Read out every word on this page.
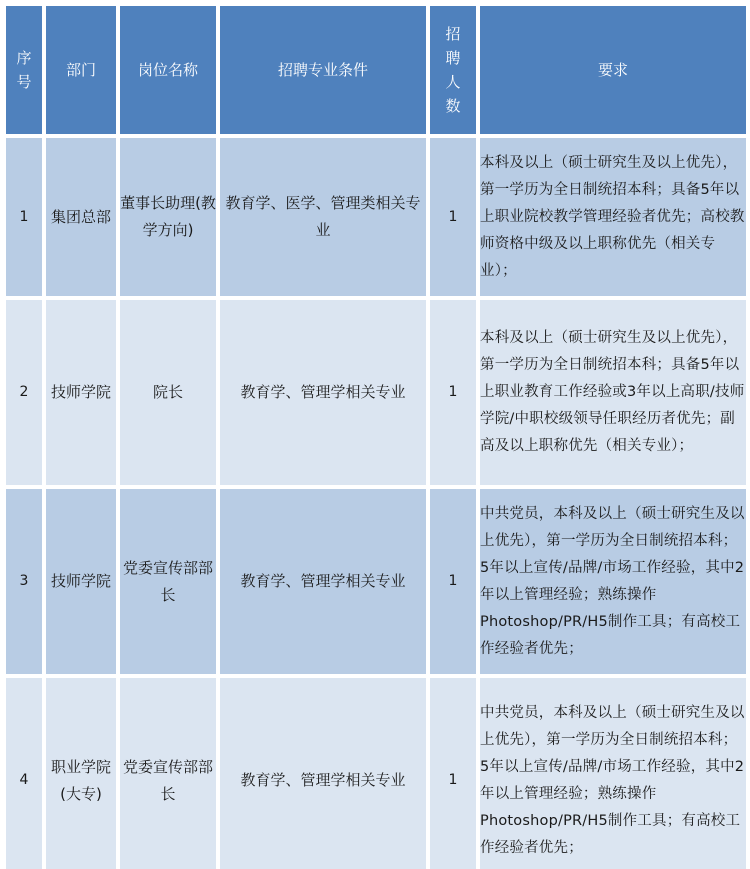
序号	部门	岗位名称	招聘专业条件	招聘人数	要求
1	集团总部	董事长助理(教学方向)	教育学、医学、管理类相关专业	1	本科及以上（硕士研究生及以上优先），第一学历为全日制统招本科；具备5年以上职业院校教学管理经验者优先；高校教师资格中级及以上职称优先（相关专业）；
2	技师学院	院长	教育学、管理学相关专业	1	本科及以上（硕士研究生及以上优先），第一学历为全日制统招本科；具备5年以上职业教育工作经验或3年以上高职/技师学院/中职校级领导任职经历者优先；副高及以上职称优先（相关专业）；
3	技师学院	党委宣传部部长	教育学、管理学相关专业	1	中共党员，本科及以上（硕士研究生及以上优先），第一学历为全日制统招本科；5年以上宣传/品牌/市场工作经验，其中2年以上管理经验；熟练操作Photoshop/PR/H5制作工具；有高校工作经验者优先；
4	职业学院(大专)	党委宣传部部长	教育学、管理学相关专业	1	中共党员，本科及以上（硕士研究生及以上优先），第一学历为全日制统招本科；5年以上宣传/品牌/市场工作经验，其中2年以上管理经验；熟练操作Photoshop/PR/H5制作工具；有高校工作经验者优先；
